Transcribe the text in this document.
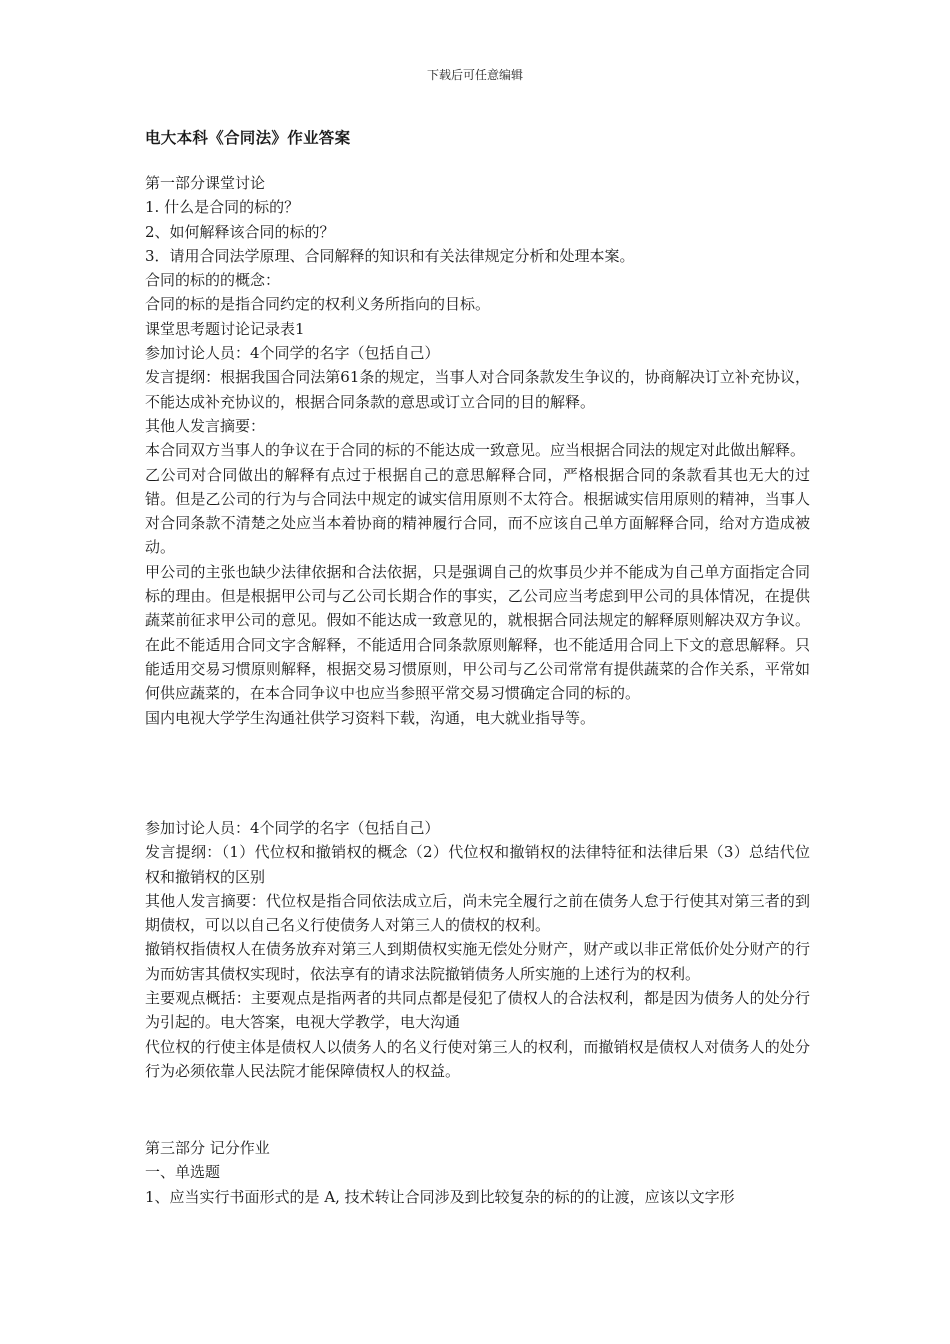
下载后可任意编辑
电大本科《合同法》作业答案

第一部分课堂讨论

1. 什么是合同的标的？

2、如何解释该合同的标的？

3．请用合同法学原理、合同解释的知识和有关法律规定分析和处理本案。

合同的标的的概念：

合同的标的是指合同约定的权利义务所指向的目标。

课堂思考题讨论记录表1

参加讨论人员：4个同学的名字（包括自己）

发言提纲：根据我国合同法第61条的规定，当事人对合同条款发生争议的，协商解决订立补充协议，不能达成补充协议的，根据合同条款的意思或订立合同的目的解释。

其他人发言摘要：

本合同双方当事人的争议在于合同的标的不能达成一致意见。应当根据合同法的规定对此做出解释。

乙公司对合同做出的解释有点过于根据自己的意思解释合同，严格根据合同的条款看其也无大的过错。但是乙公司的行为与合同法中规定的诚实信用原则不太符合。根据诚实信用原则的精神，当事人对合同条款不清楚之处应当本着协商的精神履行合同，而不应该自己单方面解释合同，给对方造成被动。

甲公司的主张也缺少法律依据和合法依据，只是强调自己的炊事员少并不能成为自己单方面指定合同标的理由。但是根据甲公司与乙公司长期合作的事实，乙公司应当考虑到甲公司的具体情况，在提供蔬菜前征求甲公司的意见。假如不能达成一致意见的，就根据合同法规定的解释原则解决双方争议。在此不能适用合同文字含解释，不能适用合同条款原则解释，也不能适用合同上下文的意思解释。只能适用交易习惯原则解释，根据交易习惯原则，甲公司与乙公司常常有提供蔬菜的合作关系，平常如何供应蔬菜的，在本合同争议中也应当参照平常交易习惯确定合同的标的。

国内电视大学学生沟通社供学习资料下载，沟通，电大就业指导等。

参加讨论人员：4个同学的名字（包括自己）

发言提纲：（1）代位权和撤销权的概念（2）代位权和撤销权的法律特征和法律后果（3）总结代位权和撤销权的区别

其他人发言摘要：代位权是指合同依法成立后，尚未完全履行之前在债务人怠于行使其对第三者的到期债权，可以以自己名义行使债务人对第三人的债权的权利。

撤销权指债权人在债务放弃对第三人到期债权实施无偿处分财产，财产或以非正常低价处分财产的行为而妨害其债权实现时，依法享有的请求法院撤销债务人所实施的上述行为的权利。

主要观点概括：主要观点是指两者的共同点都是侵犯了债权人的合法权利，都是因为债务人的处分行为引起的。电大答案，电视大学教学，电大沟通

代位权的行使主体是债权人以债务人的名义行使对第三人的权利，而撤销权是债权人对债务人的处分行为必须依靠人民法院才能保障债权人的权益。

第三部分 记分作业

一、单选题

1、应当实行书面形式的是 A, 技术转让合同涉及到比较复杂的标的的让渡，应该以文字形
